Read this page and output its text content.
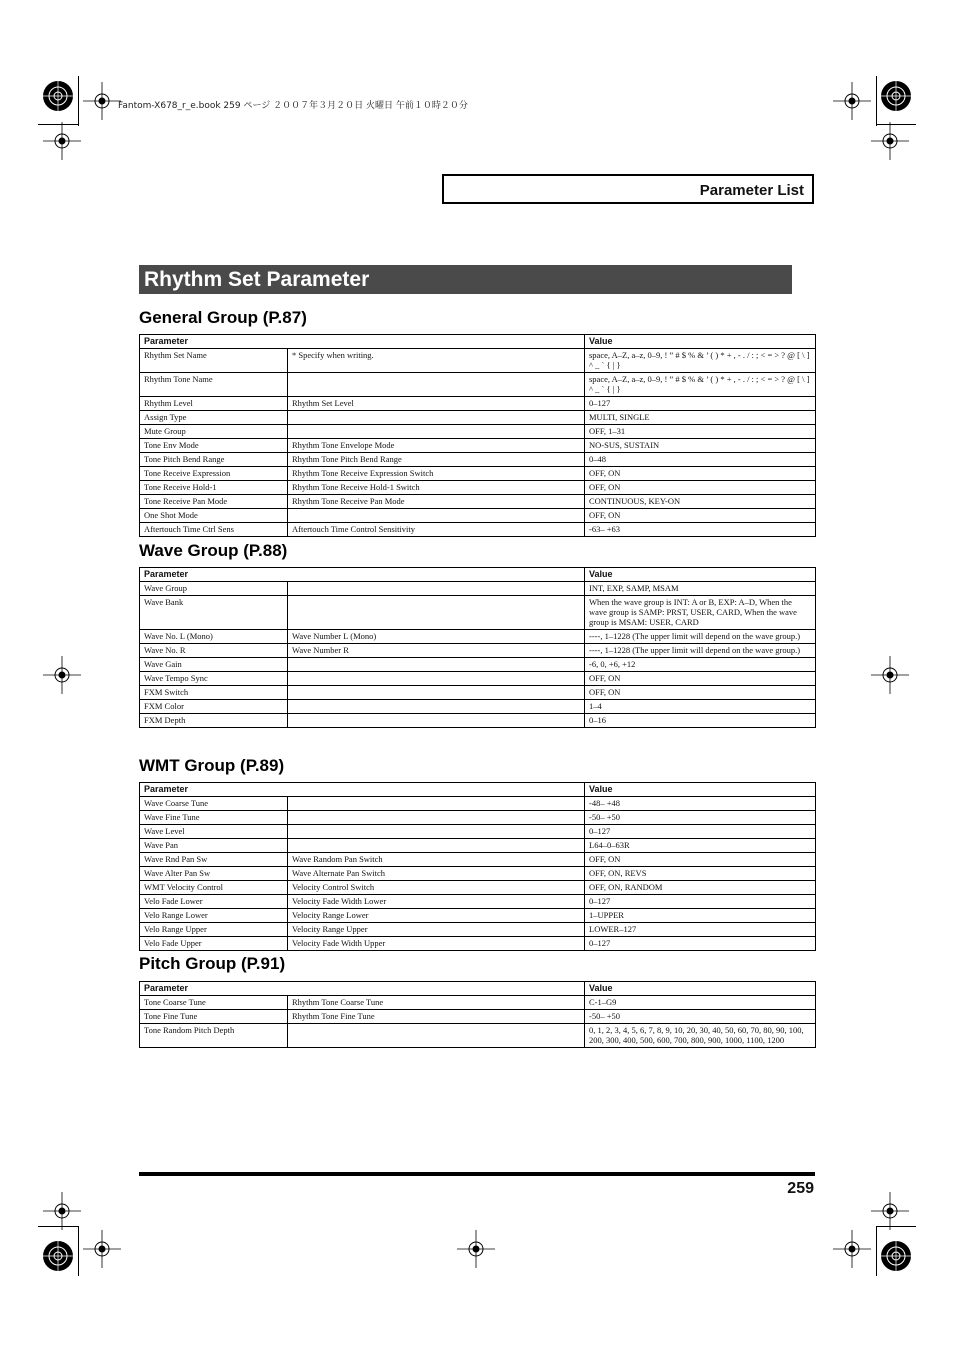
Fantom-X678_r_e.book 259 ページ ２００７年３月２０日 火曜日 午前１０時２０分
Parameter List
Rhythm Set Parameter
General Group (P.87)
Parameter		Value
Rhythm Set Name	* Specify when writing.	space, A–Z, a–z, 0–9, ! ” # $ % & ’ ( ) * + , - . / : ; < = > ? @ [ \ ] ^ _ ` { | }
Rhythm Tone Name		space, A–Z, a–z, 0–9, ! ” # $ % & ’ ( ) * + , - . / : ; < = > ? @ [ \ ] ^ _ ` { | }
Rhythm Level	Rhythm Set Level	0–127
Assign Type		MULTI, SINGLE
Mute Group		OFF, 1–31
Tone Env Mode	Rhythm Tone Envelope Mode	NO-SUS, SUSTAIN
Tone Pitch Bend Range	Rhythm Tone Pitch Bend Range	0–48
Tone Receive Expression	Rhythm Tone Receive Expression Switch	OFF, ON
Tone Receive Hold-1	Rhythm Tone Receive Hold-1 Switch	OFF, ON
Tone Receive Pan Mode	Rhythm Tone Receive Pan Mode	CONTINUOUS, KEY-ON
One Shot Mode		OFF, ON
Aftertouch Time Ctrl Sens	Aftertouch Time Control Sensitivity	-63– +63
Wave Group (P.88)
Parameter		Value
Wave Group		INT, EXP, SAMP, MSAM
Wave Bank		When the wave group is INT: A or B, EXP: A–D, When the wave group is SAMP: PRST, USER, CARD, When the wave group is MSAM: USER, CARD
Wave No. L (Mono)	Wave Number L (Mono)	----, 1–1228 (The upper limit will depend on the wave group.)
Wave No. R	Wave Number R	----, 1–1228 (The upper limit will depend on the wave group.)
Wave Gain		-6, 0, +6, +12
Wave Tempo Sync		OFF, ON
FXM Switch		OFF, ON
FXM Color		1–4
FXM Depth		0–16
WMT Group (P.89)
Parameter		Value
Wave Coarse Tune		-48– +48
Wave Fine Tune		-50– +50
Wave Level		0–127
Wave Pan		L64–0–63R
Wave Rnd Pan Sw	Wave Random Pan Switch	OFF, ON
Wave Alter Pan Sw	Wave Alternate Pan Switch	OFF, ON, REVS
WMT Velocity Control	Velocity Control Switch	OFF, ON, RANDOM
Velo Fade Lower	Velocity Fade Width Lower	0–127
Velo Range Lower	Velocity Range Lower	1–UPPER
Velo Range Upper	Velocity Range Upper	LOWER–127
Velo Fade Upper	Velocity Fade Width Upper	0–127
Pitch Group (P.91)
Parameter		Value
Tone Coarse Tune	Rhythm Tone Coarse Tune	C-1–G9
Tone Fine Tune	Rhythm Tone Fine Tune	-50– +50
Tone Random Pitch Depth		0, 1, 2, 3, 4, 5, 6, 7, 8, 9, 10, 20, 30, 40, 50, 60, 70, 80, 90, 100, 200, 300, 400, 500, 600, 700, 800, 900, 1000, 1100, 1200
259
